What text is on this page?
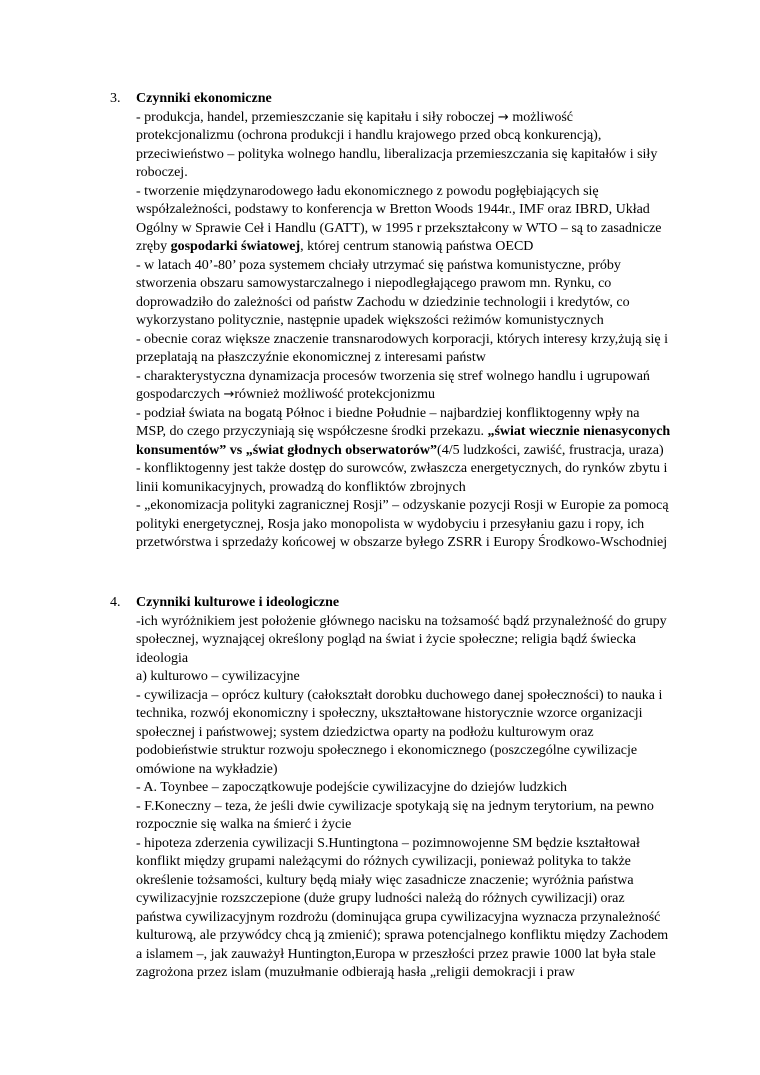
3. Czynniki ekonomiczne

- produkcja, handel, przemieszczanie się kapitału i siły roboczej → możliwość protekcjonalizmu (ochrona produkcji i handlu krajowego przed obcą konkurencją), przeciwieństwo – polityka wolnego handlu, liberalizacja przemieszczania się kapitałów i siły roboczej.

- tworzenie międzynarodowego ładu ekonomicznego z powodu pogłębiających się współzależności, podstawy to konferencja w Bretton Woods 1944r., IMF oraz IBRD, Układ Ogólny w Sprawie Ceł i Handlu (GATT), w 1995 r przekształcony w WTO – są to zasadnicze zręby gospodarki światowej, której centrum stanowią państwa OECD

- w latach 40’-80’ poza systemem chciały utrzymać się państwa komunistyczne, próby stworzenia obszaru samowystarczalnego i niepodległającego prawom mn. Rynku, co doprowadziło do zależności od państw Zachodu w dziedzinie technologii i kredytów, co wykorzystano politycznie, następnie upadek większości reżimów komunistycznych

- obecnie coraz większe znaczenie transnarodowych korporacji, których interesy krzy,żują się i przeplatają na płaszczyźnie ekonomicznej z interesami państw

- charakterystyczna dynamizacja procesów tworzenia się stref wolnego handlu i ugrupowań gospodarczych →również możliwość protekcjonizmu

- podział świata na bogatą Północ i biedne Południe – najbardziej konfliktogenny wpły na MSP, do czego przyczyniają się współczesne środki przekazu. „świat wiecznie nienasyconych konsumentów” vs „świat głodnych obserwatorów”(4/5 ludzkości, zawiść, frustracja, uraza)

- konfliktogenny jest także dostęp do surowców, zwłaszcza energetycznych, do rynków zbytu i linii komunikacyjnych, prowadzą do konfliktów zbrojnych

- „ekonomizacja polityki zagranicznej Rosji” – odzyskanie pozycji Rosji w Europie za pomocą polityki energetycznej, Rosja jako monopolista w wydobyciu i przesyłaniu gazu i ropy, ich przetwórstwa i sprzedaży końcowej w obszarze byłego ZSRR i Europy Środkowo-Wschodniej

4. Czynniki kulturowe i ideologiczne

-ich wyróżnikiem jest położenie głównego nacisku na tożsamość bądź przynależność do grupy społecznej, wyznającej określony pogląd na świat i życie społeczne; religia bądź świecka ideologia

a) kulturowo – cywilizacyjne

- cywilizacja – oprócz kultury (całokształt dorobku duchowego danej społeczności) to nauka i technika, rozwój ekonomiczny i społeczny, ukształtowane historycznie wzorce organizacji społecznej i państwowej; system dziedzictwa oparty na podłożu kulturowym oraz podobieństwie struktur rozwoju społecznego i ekonomicznego (poszczególne cywilizacje omówione na wykładzie)

- A. Toynbee – zapoczątkowuje podejście cywilizacyjne do dziejów ludzkich

- F.Koneczny – teza, że jeśli dwie cywilizacje spotykają się na jednym terytorium, na pewno rozpocznie się walka na śmierć i życie

- hipoteza zderzenia cywilizacji S.Huntingtona – pozimnowojenne SM będzie kształtował konflikt między grupami należącymi do różnych cywilizacji, ponieważ polityka to także określenie tożsamości, kultury będą miały więc zasadnicze znaczenie; wyróżnia państwa cywilizacyjnie rozszczepione (duże grupy ludności należą do różnych cywilizacji) oraz państwa cywilizacyjnym rozdrożu (dominująca grupa cywilizacyjna wyznacza przynależność kulturową, ale przywódcy chcą ją zmienić); sprawa potencjalnego konfliktu między Zachodem a islamem –, jak zauważył Huntington,Europa w przeszłości przez prawie 1000 lat była stale zagrożona przez islam (muzułmanie odbierają hasła „religii demokracji i praw
